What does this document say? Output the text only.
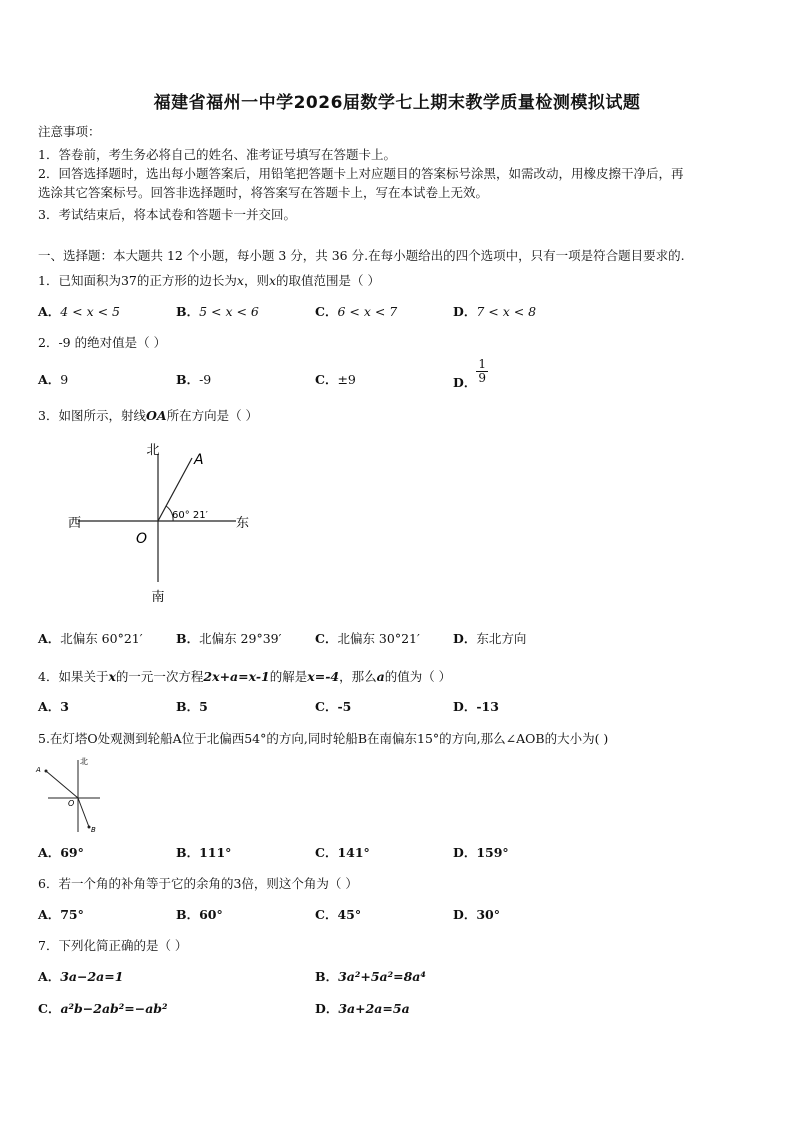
福建省福州一中学2026届数学七上期末教学质量检测模拟试题
注意事项：
1．答卷前，考生务必将自己的姓名、准考证号填写在答题卡上。
2．回答选择题时，选出每小题答案后，用铅笔把答题卡上对应题目的答案标号涂黑，如需改动，用橡皮擦干净后，再
选涂其它答案标号。回答非选择题时，将答案写在答题卡上，写在本试卷上无效。
3．考试结束后，将本试卷和答题卡一并交回。
一、选择题：本大题共 12 个小题，每小题 3 分，共 36 分.在每小题给出的四个选项中，只有一项是符合题目要求的.
1．已知面积为37的正方形的边长为x，则x的取值范围是（ ）
A．4 < x < 5	B．5 < x < 6	C．6 < x < 7	D．7 < x < 8
2．-9 的绝对值是（ ）
A．9	B．-9	C．±9	D． $\frac{1}{9}$
3．如图所示，射线OA所在方向是（ ）
北
南
西	东
O
A
60° 21′
A．北偏东 60°21′	B．北偏东 29°39′	C．北偏东 30°21′	D．东北方向
4．如果关于x的一元一次方程2x+a=x-1的解是x=-4，那么a的值为（ ）
A．3	B．5	C．-5	D．-13
5.在灯塔O处观测到轮船A位于北偏西54°的方向,同时轮船B在南偏东15°的方向,那么∠AOB的大小为( )
北
O
A
B
A．69°	B．111°	C．141°	D．159°
6．若一个角的补角等于它的余角的3倍，则这个角为（ ）
A．75°	B．60°	C．45°	D．30°
7．下列化简正确的是（ ）
A．3a−2a=1	B．3a²+5a²=8a⁴
C．a²b−2ab²=−ab²	D．3a+2a=5a
